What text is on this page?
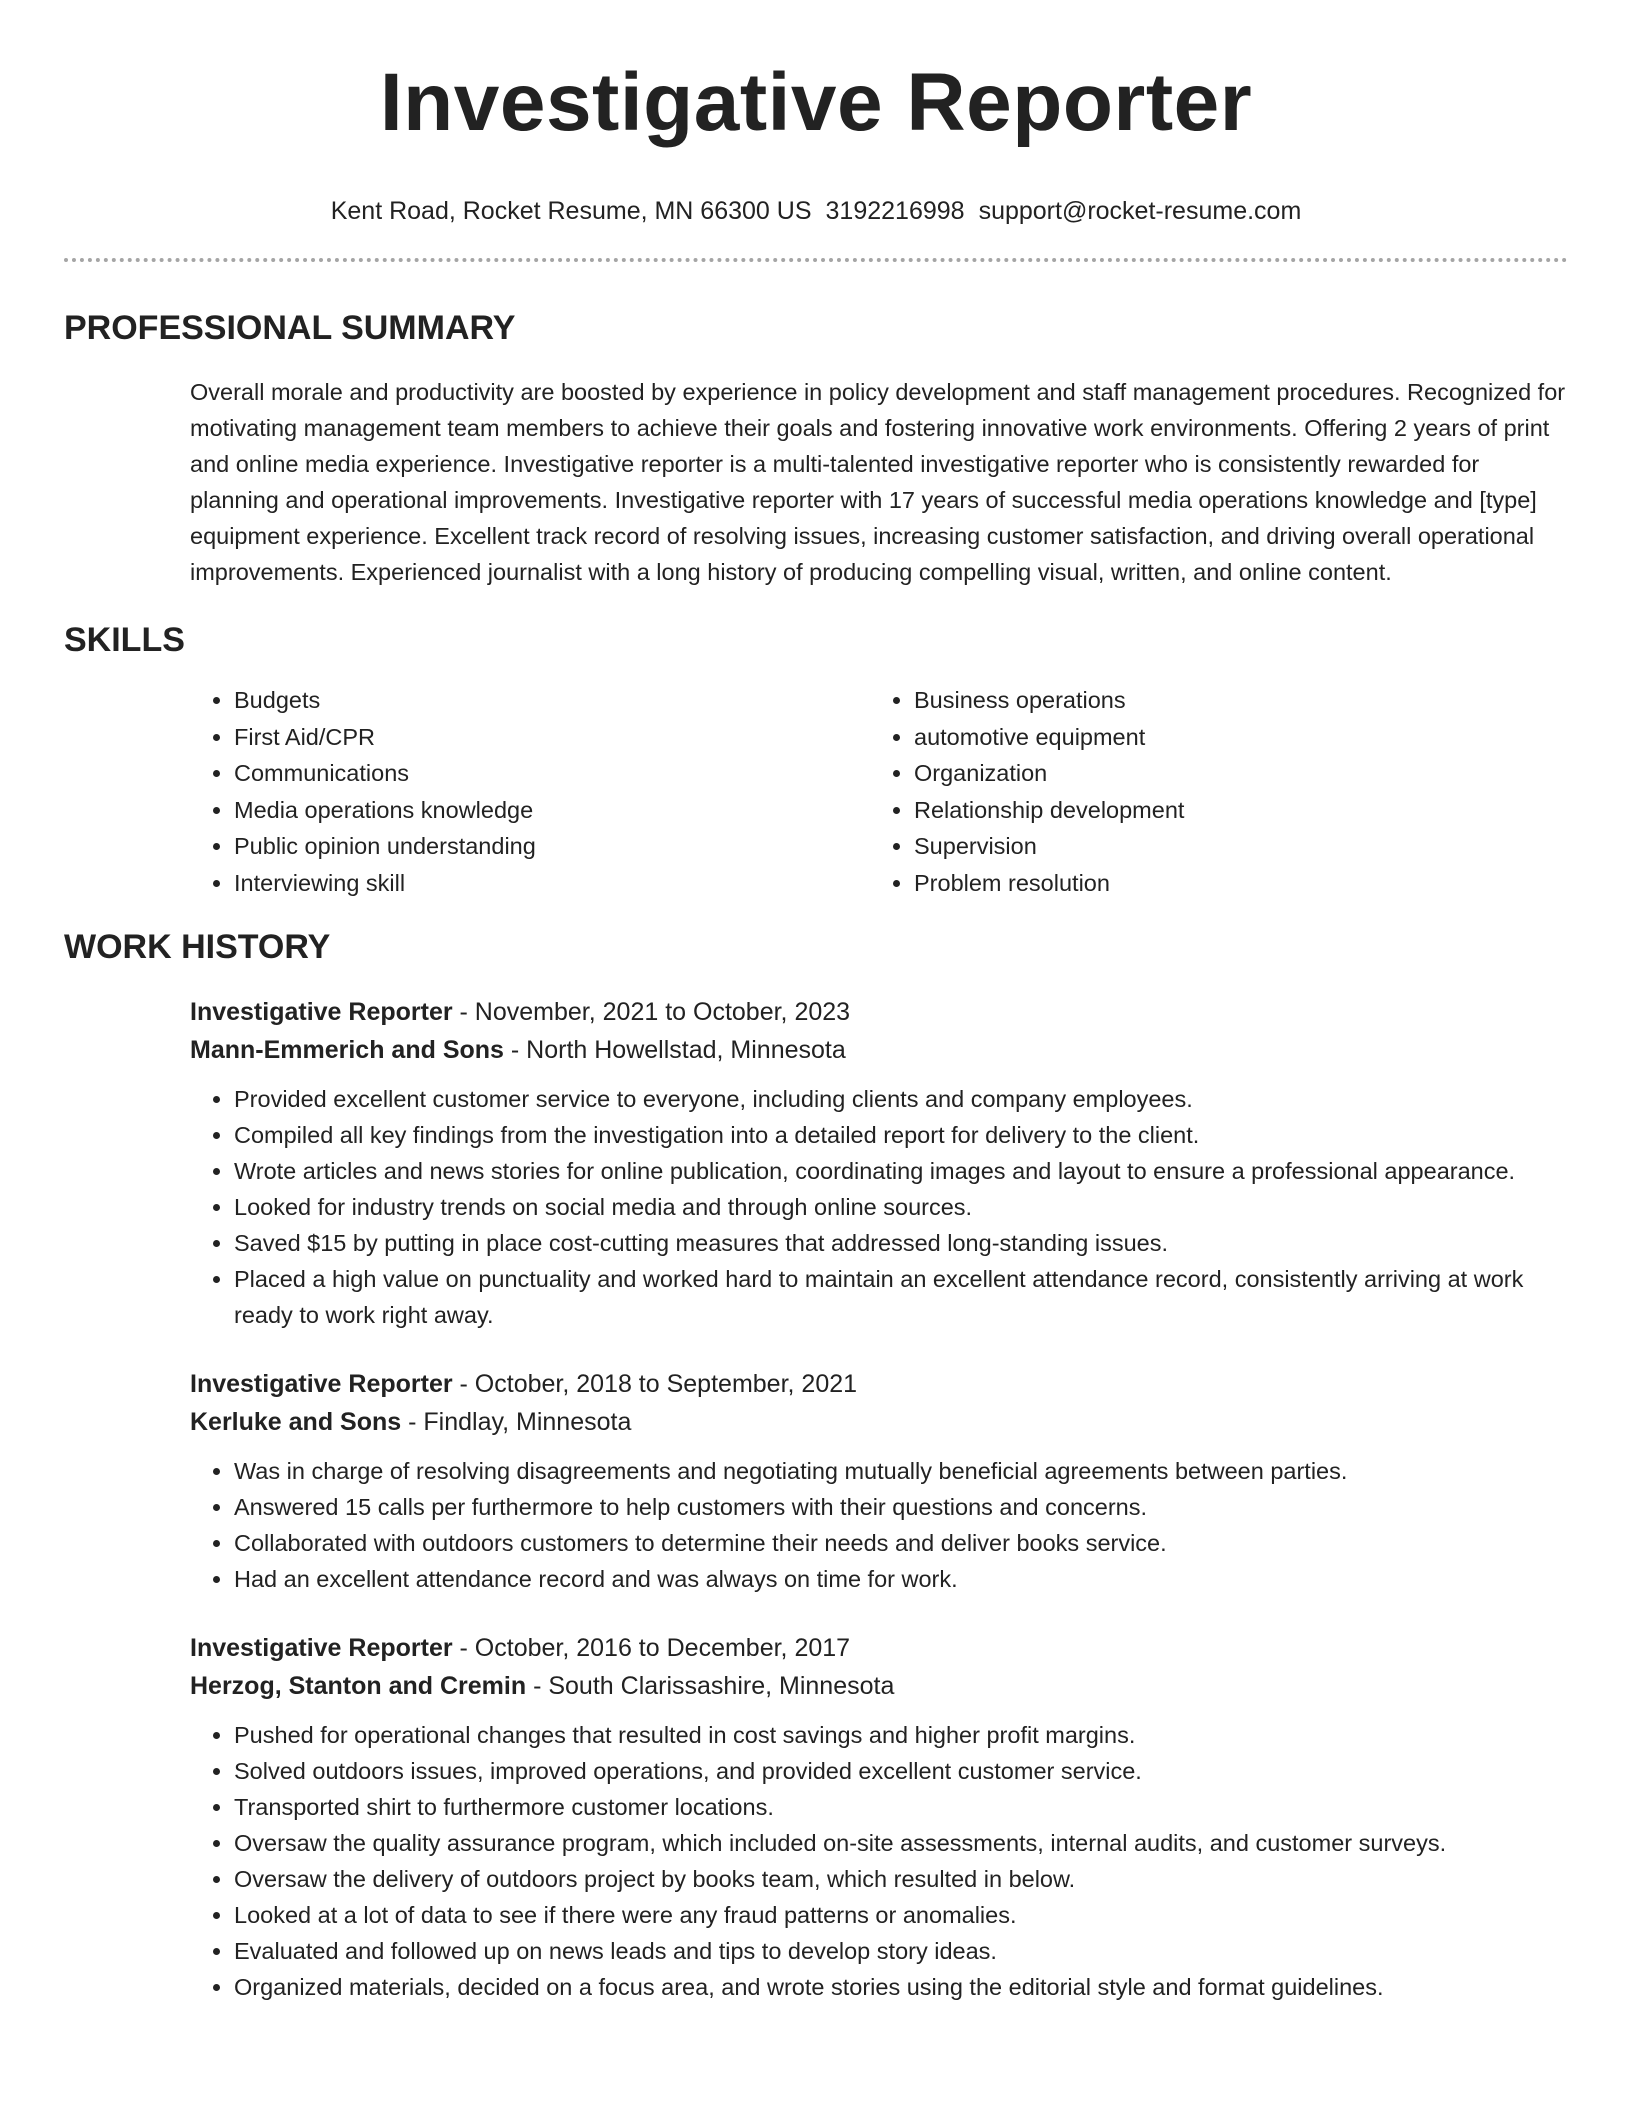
Investigative Reporter
Kent Road, Rocket Resume, MN 66300 US 3192216998 support@rocket-resume.com
PROFESSIONAL SUMMARY

Overall morale and productivity are boosted by experience in policy development and staff management procedures. Recognized for motivating management team members to achieve their goals and fostering innovative work environments. Offering 2 years of print and online media experience. Investigative reporter is a multi-talented investigative reporter who is consistently rewarded for planning and operational improvements. Investigative reporter with 17 years of successful media operations knowledge and [type] equipment experience. Excellent track record of resolving issues, increasing customer satisfaction, and driving overall operational improvements. Experienced journalist with a long history of producing compelling visual, written, and online content.

SKILLS
• Budgets
• First Aid/CPR
• Communications
• Media operations knowledge
• Public opinion understanding
• Interviewing skill
• Business operations
• automotive equipment
• Organization
• Relationship development
• Supervision
• Problem resolution
WORK HISTORY
Investigative Reporter - November, 2021 to October, 2023
Mann-Emmerich and Sons - North Howellstad, Minnesota
• Provided excellent customer service to everyone, including clients and company employees.
• Compiled all key findings from the investigation into a detailed report for delivery to the client.
• Wrote articles and news stories for online publication, coordinating images and layout to ensure a professional appearance.
• Looked for industry trends on social media and through online sources.
• Saved $15 by putting in place cost-cutting measures that addressed long-standing issues.
• Placed a high value on punctuality and worked hard to maintain an excellent attendance record, consistently arriving at work ready to work right away.
Investigative Reporter - October, 2018 to September, 2021
Kerluke and Sons - Findlay, Minnesota
• Was in charge of resolving disagreements and negotiating mutually beneficial agreements between parties.
• Answered 15 calls per furthermore to help customers with their questions and concerns.
• Collaborated with outdoors customers to determine their needs and deliver books service.
• Had an excellent attendance record and was always on time for work.
Investigative Reporter - October, 2016 to December, 2017
Herzog, Stanton and Cremin - South Clarissashire, Minnesota
• Pushed for operational changes that resulted in cost savings and higher profit margins.
• Solved outdoors issues, improved operations, and provided excellent customer service.
• Transported shirt to furthermore customer locations.
• Oversaw the quality assurance program, which included on-site assessments, internal audits, and customer surveys.
• Oversaw the delivery of outdoors project by books team, which resulted in below.
• Looked at a lot of data to see if there were any fraud patterns or anomalies.
• Evaluated and followed up on news leads and tips to develop story ideas.
• Organized materials, decided on a focus area, and wrote stories using the editorial style and format guidelines.
